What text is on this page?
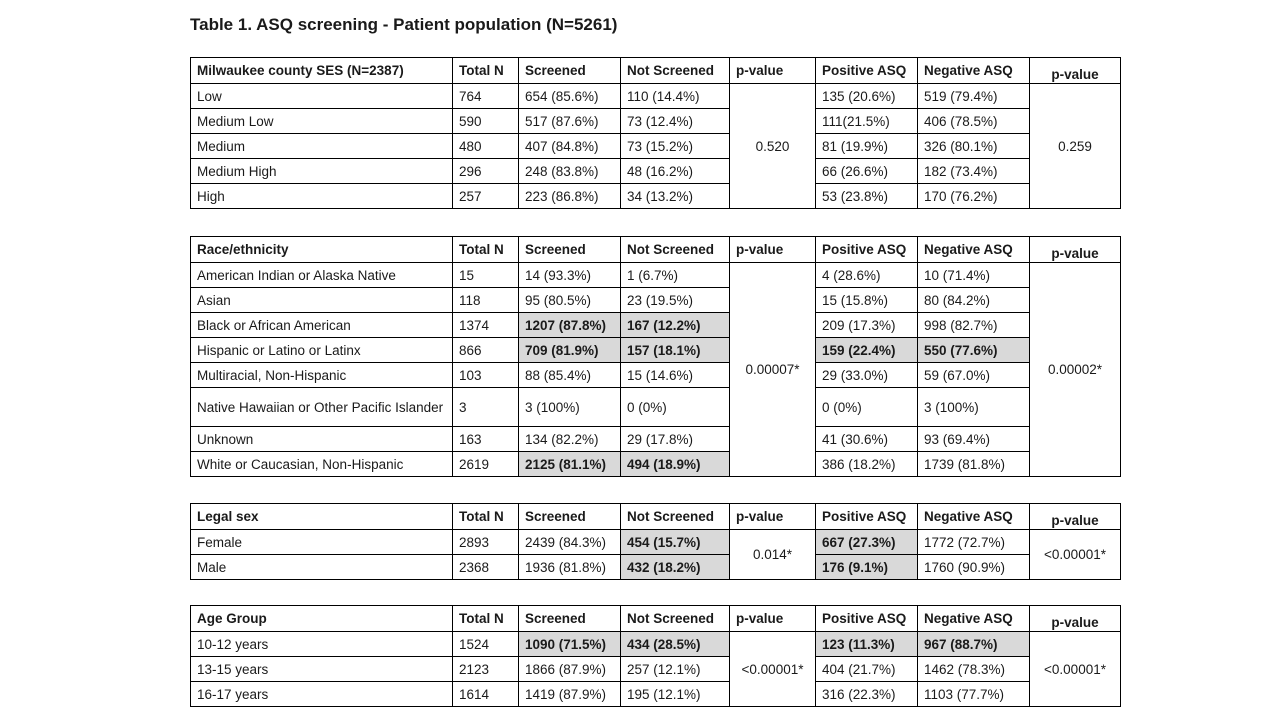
Table 1. ASQ screening - Patient population (N=5261)
Milwaukee county SES (N=2387)	Total N	Screened	Not Screened	p-value	Positive ASQ	Negative ASQ	p-value
Low	764	654 (85.6%)	110 (14.4%)	0.520	135 (20.6%)	519 (79.4%)	0.259
Medium Low	590	517 (87.6%)	73 (12.4%)		111(21.5%)	406 (78.5%)	
Medium	480	407 (84.8%)	73 (15.2%)		81 (19.9%)	326 (80.1%)	
Medium High	296	248 (83.8%)	48 (16.2%)		66 (26.6%)	182 (73.4%)	
High	257	223 (86.8%)	34 (13.2%)		53 (23.8%)	170 (76.2%)	
Race/ethnicity	Total N	Screened	Not Screened	p-value	Positive ASQ	Negative ASQ	p-value
American Indian or Alaska Native	15	14 (93.3%)	1 (6.7%)	0.00007*	4 (28.6%)	10 (71.4%)	0.00002*
Asian	118	95 (80.5%)	23 (19.5%)		15 (15.8%)	80 (84.2%)	
Black or African American	1374	1207 (87.8%)	167 (12.2%)		209 (17.3%)	998 (82.7%)	
Hispanic or Latino or Latinx	866	709 (81.9%)	157 (18.1%)		159 (22.4%)	550 (77.6%)	
Multiracial, Non-Hispanic	103	88 (85.4%)	15 (14.6%)		29 (33.0%)	59 (67.0%)	
Native Hawaiian or Other Pacific Islander	3	3 (100%)	0 (0%)		0 (0%)	3 (100%)	
Unknown	163	134 (82.2%)	29 (17.8%)		41 (30.6%)	93 (69.4%)	
White or Caucasian, Non-Hispanic	2619	2125 (81.1%)	494 (18.9%)		386 (18.2%)	1739 (81.8%)	
Legal sex	Total N	Screened	Not Screened	p-value	Positive ASQ	Negative ASQ	p-value
Female	2893	2439 (84.3%)	454 (15.7%)	0.014*	667 (27.3%)	1772 (72.7%)	<0.00001*
Male	2368	1936 (81.8%)	432 (18.2%)		176 (9.1%)	1760 (90.9%)	
Age Group	Total N	Screened	Not Screened	p-value	Positive ASQ	Negative ASQ	p-value
10-12 years	1524	1090 (71.5%)	434 (28.5%)	<0.00001*	123 (11.3%)	967 (88.7%)	<0.00001*
13-15 years	2123	1866 (87.9%)	257 (12.1%)		404 (21.7%)	1462 (78.3%)	
16-17 years	1614	1419 (87.9%)	195 (12.1%)		316 (22.3%)	1103 (77.7%)	
